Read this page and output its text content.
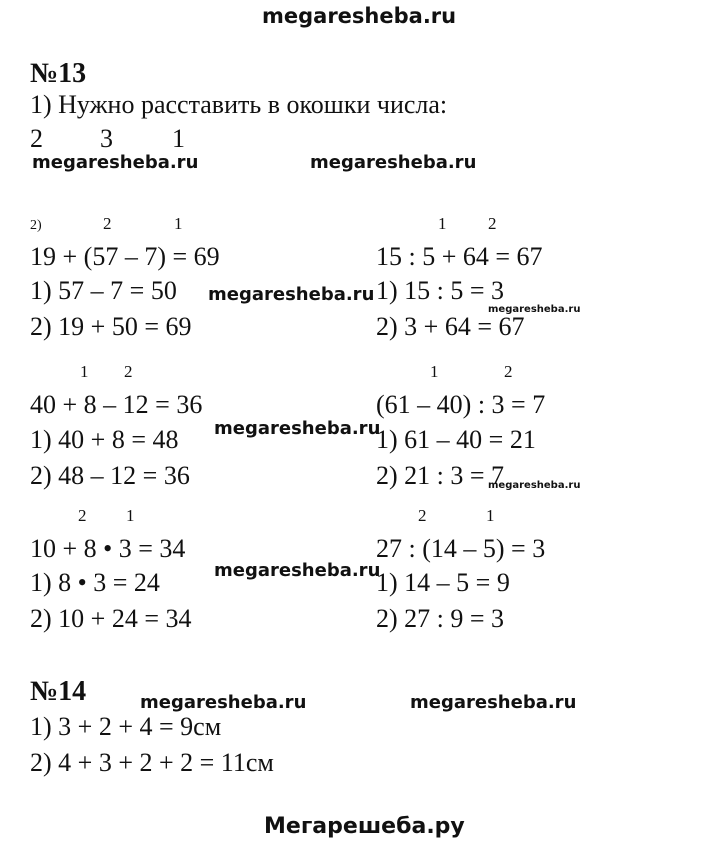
megaresheba.ru
№13
1) Нужно расставить в окошки числа:
2 3 1
megaresheba.ru	megaresheba.ru
2)	2	1
19 + (57 – 7) = 69
1) 57 – 7 = 50
2) 19 + 50 = 69
1 2
15 : 5 + 64 = 67
1) 15 : 5 = 3
2) 3 + 64 = 67
megaresheba.ru
megaresheba.ru
1 2
40 + 8 – 12 = 36
1) 40 + 8 = 48
2) 48 – 12 = 36
1	2
(61 – 40) : 3 = 7
1) 61 – 40 = 21
2) 21 : 3 = 7
megaresheba.ru
megaresheba.ru
2 1
10 + 8 • 3 = 34
1) 8 • 3 = 24
2) 10 + 24 = 34
2	1
27 : (14 – 5) = 3
1) 14 – 5 = 9
2) 27 : 9 = 3
megaresheba.ru
№14	megaresheba.ru	megaresheba.ru
1) 3 + 2 + 4 = 9см
2) 4 + 3 + 2 + 2 = 11см
Мегарешеба.ру
